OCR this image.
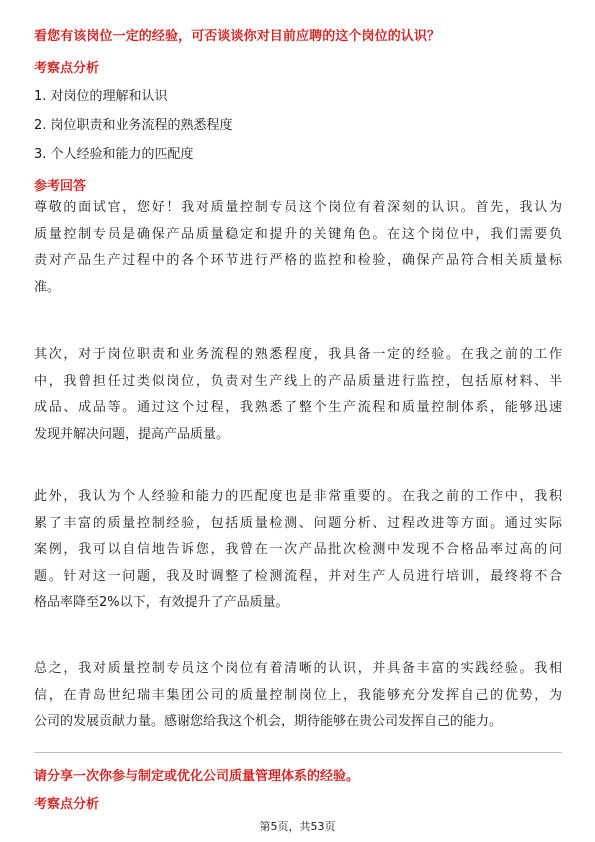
看您有该岗位一定的经验，可否谈谈你对目前应聘的这个岗位的认识？
考察点分析
1. 对岗位的理解和认识
2. 岗位职责和业务流程的熟悉程度
3. 个人经验和能力的匹配度
参考回答
尊敬的面试官，您好！我对质量控制专员这个岗位有着深刻的认识。首先，我认为
质量控制专员是确保产品质量稳定和提升的关键角色。在这个岗位中，我们需要负
责对产品生产过程中的各个环节进行严格的监控和检验，确保产品符合相关质量标
准。
其次，对于岗位职责和业务流程的熟悉程度，我具备一定的经验。在我之前的工作
中，我曾担任过类似岗位，负责对生产线上的产品质量进行监控，包括原材料、半
成品、成品等。通过这个过程，我熟悉了整个生产流程和质量控制体系，能够迅速
发现并解决问题，提高产品质量。
此外，我认为个人经验和能力的匹配度也是非常重要的。在我之前的工作中，我积
累了丰富的质量控制经验，包括质量检测、问题分析、过程改进等方面。通过实际
案例，我可以自信地告诉您，我曾在一次产品批次检测中发现不合格品率过高的问
题。针对这一问题，我及时调整了检测流程，并对生产人员进行培训，最终将不合
格品率降至2%以下，有效提升了产品质量。
总之，我对质量控制专员这个岗位有着清晰的认识，并具备丰富的实践经验。我相
信，在青岛世纪瑞丰集团公司的质量控制岗位上，我能够充分发挥自己的优势，为
公司的发展贡献力量。感谢您给我这个机会，期待能够在贵公司发挥自己的能力。
请分享一次你参与制定或优化公司质量管理体系的经验。
考察点分析
第5页，共53页
